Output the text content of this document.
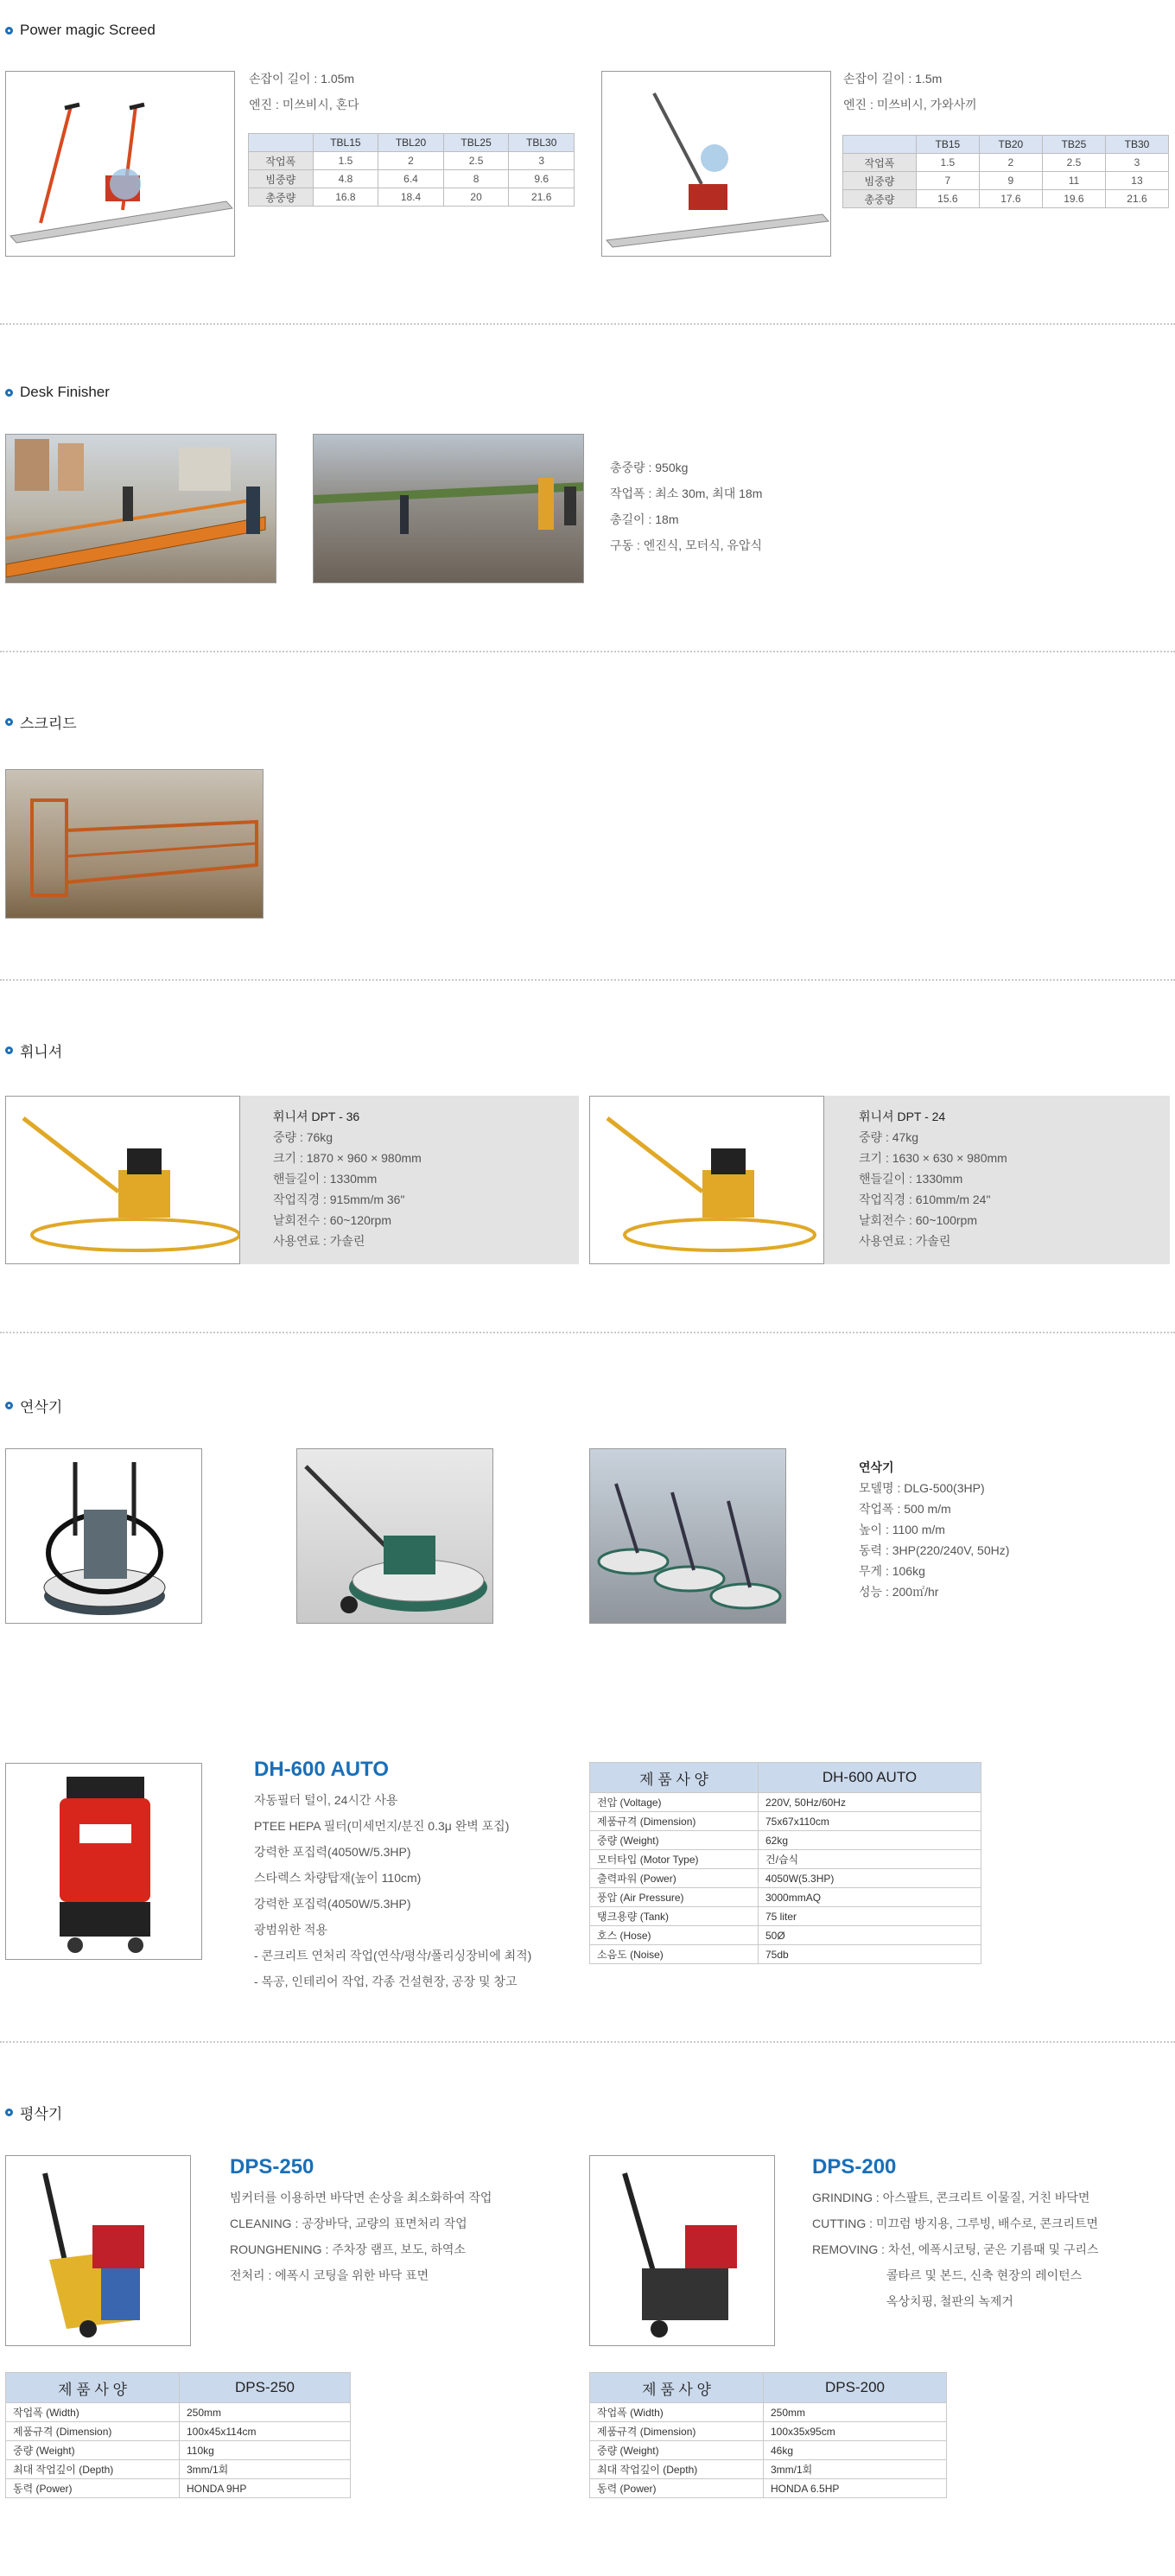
Power magic Screed
손잡이 길이 : 1.05m
엔진 : 미쓰비시, 혼다
	TBL15	TBL20	TBL25	TBL30
작업폭	1.5	2	2.5	3
빔중량	4.8	6.4	8	9.6
총중량	16.8	18.4	20	21.6
손잡이 길이 : 1.5m
엔진 : 미쓰비시, 가와사끼
	TB15	TB20	TB25	TB30
작업폭	1.5	2	2.5	3
빔중량	7	9	11	13
총중량	15.6	17.6	19.6	21.6
Desk Finisher
총중량 : 950kg
작업폭 : 최소 30m, 최대 18m
총길이 : 18m
구동 : 엔진식, 모터식, 유압식
스크리드
휘니셔
휘니셔 DPT - 36
중량 : 76kg
크기 : 1870 × 960 × 980mm
핸들길이 : 1330mm
작업직경 : 915mm/m 36"
날회전수 : 60~120rpm
사용연료 : 가솔린
휘니셔 DPT - 24
중량 : 47kg
크기 : 1630 × 630 × 980mm
핸들길이 : 1330mm
작업직경 : 610mm/m 24"
날회전수 : 60~100rpm
사용연료 : 가솔린
연삭기
연삭기
모델명 : DLG-500(3HP)
작업폭 : 500 m/m
높이 : 1100 m/m
동력 : 3HP(220/240V, 50Hz)
무게 : 106kg
성능 : 200㎡/hr
DH-600 AUTO
자동필터 털이, 24시간 사용
PTEE HEPA 필터(미세먼지/분진 0.3μ 완벽 포집)
강력한 포집력(4050W/5.3HP)
스타렉스 차량탑재(높이 110cm)
강력한 포집력(4050W/5.3HP)
광범위한 적용
- 콘크리트 연처리 작업(연삭/평삭/폴리싱장비에 최적)
- 목공, 인테리어 작업, 각종 건설현장, 공장 및 창고
제 품 사 양	DH-600 AUTO
전압 (Voltage)	220V, 50Hz/60Hz
제품규격 (Dimension)	75x67x110cm
중량 (Weight)	62kg
모터타입 (Motor Type)	건/습식
출력파워 (Power)	4050W(5.3HP)
풍압 (Air Pressure)	3000mmAQ
탱크용량 (Tank)	75 liter
호스 (Hose)	50Ø
소음도 (Noise)	75db
평삭기
DPS-250
빔커터를 이용하면 바닥면 손상을 최소화하여 작업
CLEANING : 공장바닥, 교량의 표면처리 작업
ROUNGHENING : 주차장 램프, 보도, 하역소
전처리 : 에폭시 코팅을 위한 바닥 표면
DPS-200
GRINDING : 아스팔트, 콘크리트 이물질, 거친 바닥면
CUTTING : 미끄럼 방지용, 그루빙, 배수로, 콘크리트면
REMOVING : 차선, 에폭시코팅, 굳은 기름때 및 구리스
콜타르 및 본드, 신축 현장의 레이턴스
옥상치핑, 철판의 녹제거
제 품 사 양	DPS-250
작업폭 (Width)	250mm
제품규격 (Dimension)	100x45x114cm
중량 (Weight)	110kg
최대 작업깊이 (Depth)	3mm/1회
동력 (Power)	HONDA 9HP
제 품 사 양	DPS-200
작업폭 (Width)	250mm
제품규격 (Dimension)	100x35x95cm
중량 (Weight)	46kg
최대 작업깊이 (Depth)	3mm/1회
동력 (Power)	HONDA 6.5HP
